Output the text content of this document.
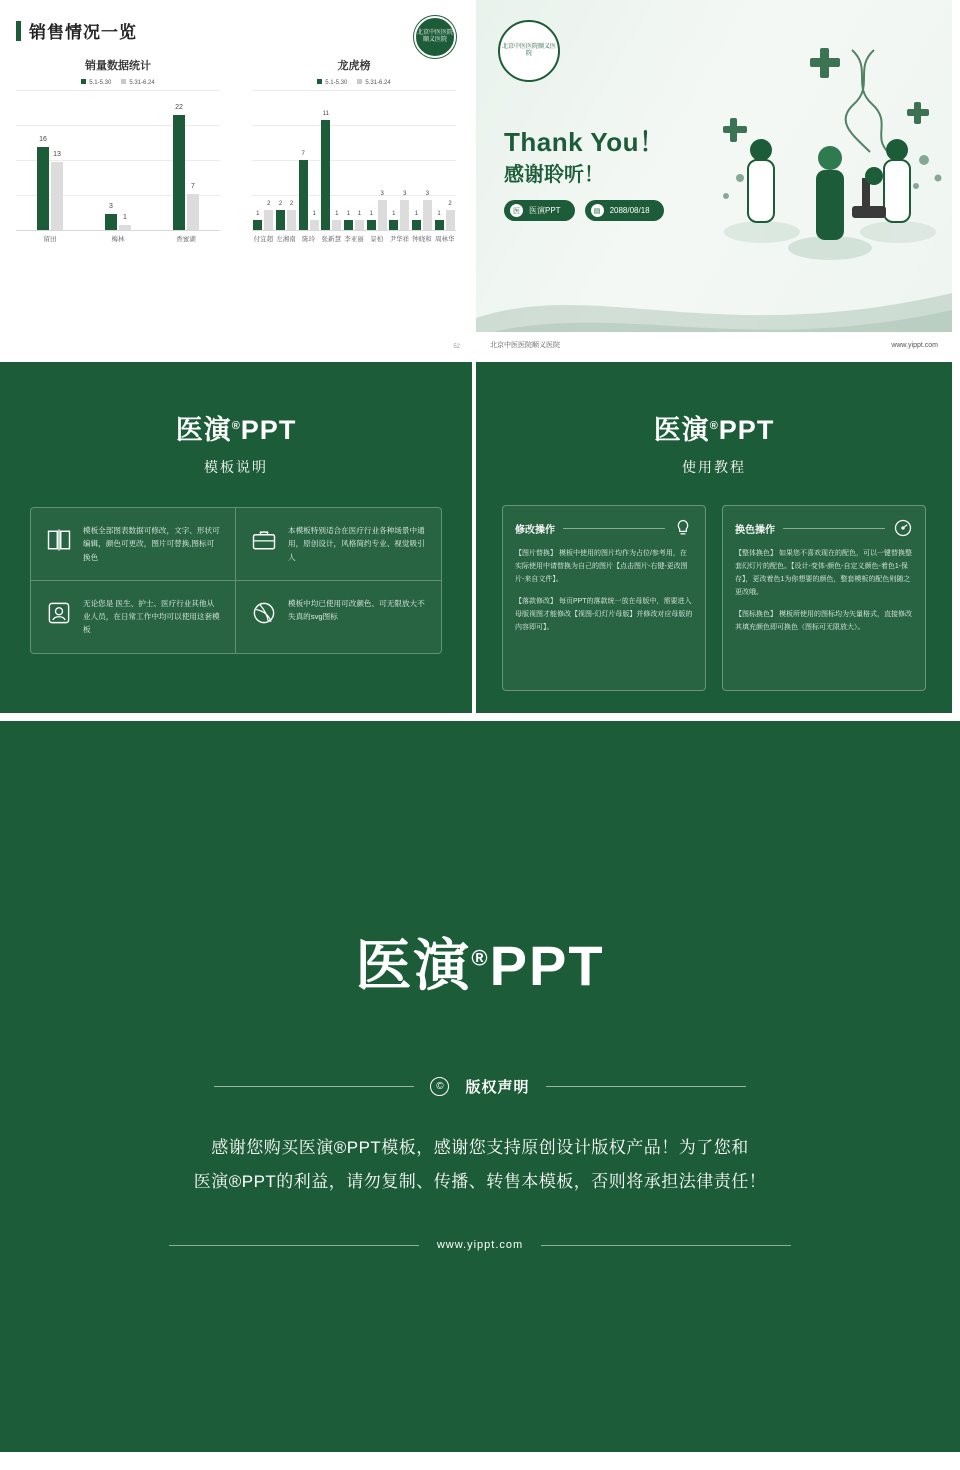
销售情况一览	北京中医医院顺义医院
销量数据统计
5.1-5.30	5.31-6.24
16
13
3
1
22
7
留田	梅林	香蜜湖
龙虎榜
5.1-5.30	5.31-6.24
1
2 2 2
7
1
11
1 1 1 1
3
1
3
1
3
1
2
付宜超 左湘南 陈玲 张新慧 李亚丽 景柏 尹华祥 钟晓和 周林华
52
北京中医医院顺义医院
Thank You！
感谢聆听！
医	医演PPT	▤	2088/08/18
北京中医医院顺义医院	www.yippt.com
医演®PPT
模板说明
模板全部图表数据可修改，文字、形状可编辑，颜色可更改，图片可替换,图标可换色
本模板特别适合在医疗行业各种场景中通用，原创设计，风格简约专业、视觉吸引人
无论您是 医生、护士、医疗行业其他从业人员，在日常工作中均可以使用这套模板
模板中均已使用可改颜色、可无限放大不失真的svg图标
医演®PPT
使用教程
修改操作

【图片替换】 模板中使用的图片均作为占位/参考用，在实际使用中请替换为自己的图片【点击图片-右键-更改图片-来自文件】。

【落款修改】 每页PPT的落款统一放在母版中，需要进入母版视图才能修改【视图-幻灯片母版】并修改对应母版的内容即可】。

换色操作

【整体换色】 如果您不喜欢现在的配色，可以一键替换整套幻灯片的配色。【设计-变体-颜色-自定义颜色-着色1-保存】，更改着色1为你想要的颜色，整套模板的配色则随之更改哦。

【图标换色】 模板所使用的图标均为矢量格式，直接修改其填充颜色即可换色（图标可无限放大）。

医演®PPT
©	版权声明
感谢您购买医演®PPT模板，感谢您支持原创设计版权产品！为了您和
医演®PPT的利益，请勿复制、传播、转售本模板，否则将承担法律责任！
www.yippt.com
